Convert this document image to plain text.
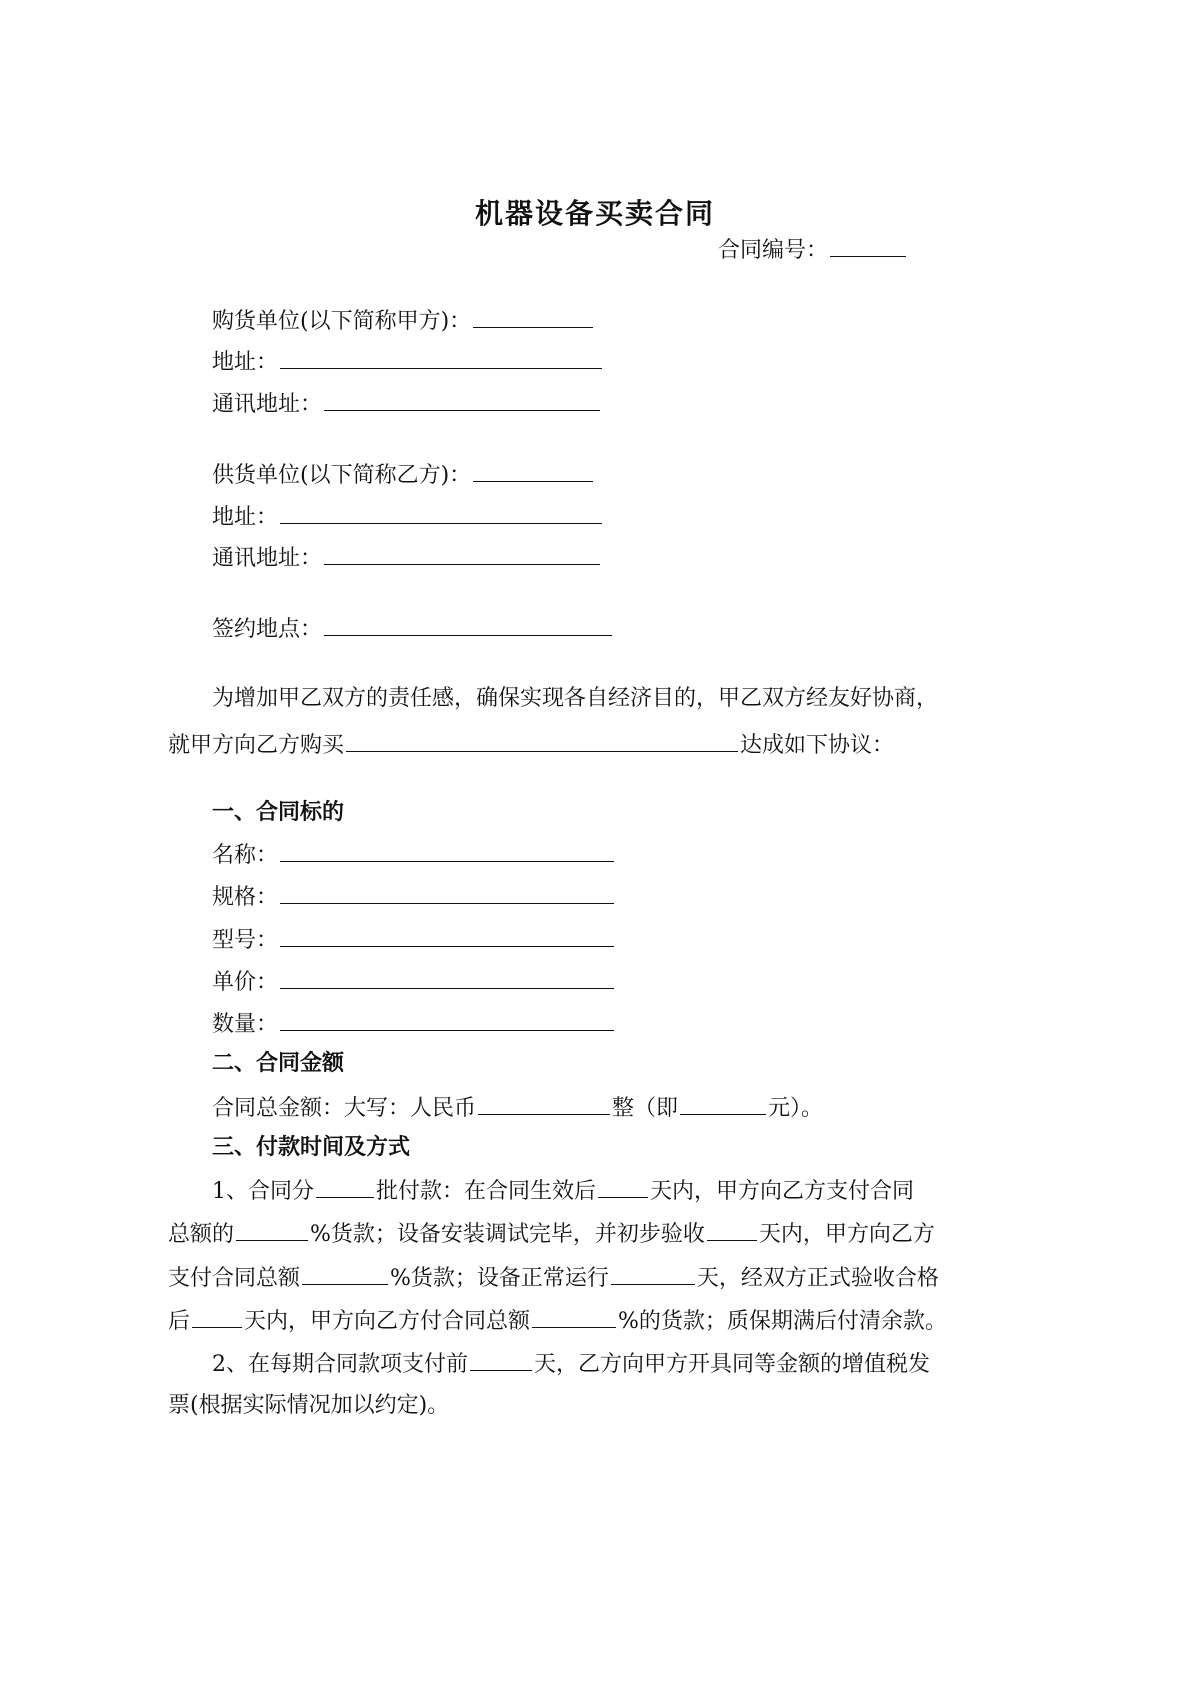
机器设备买卖合同
合同编号：
购货单位(以下简称甲方)：
地址：
通讯地址：
供货单位(以下简称乙方)：
地址：
通讯地址：
签约地点：
为增加甲乙双方的责任感，确保实现各自经济目的，甲乙双方经友好协商，
就甲方向乙方购买	达成如下协议：
一、合同标的
名称：
规格：
型号：
单价：
数量：
二、合同金额
合同总金额：大写：人民币	整（即	元）。
三、付款时间及方式
1、合同分	批付款：在合同生效后 天内，甲方向乙方支付合同
总额的	%货款；设备安装调试完毕，并初步验收 天内，甲方向乙方
支付合同总额	%货款；设备正常运行	天，经双方正式验收合格
后 天内，甲方向乙方付合同总额	%的货款；质保期满后付清余款。
2、在每期合同款项支付前	天，乙方向甲方开具同等金额的增值税发
票(根据实际情况加以约定)。
